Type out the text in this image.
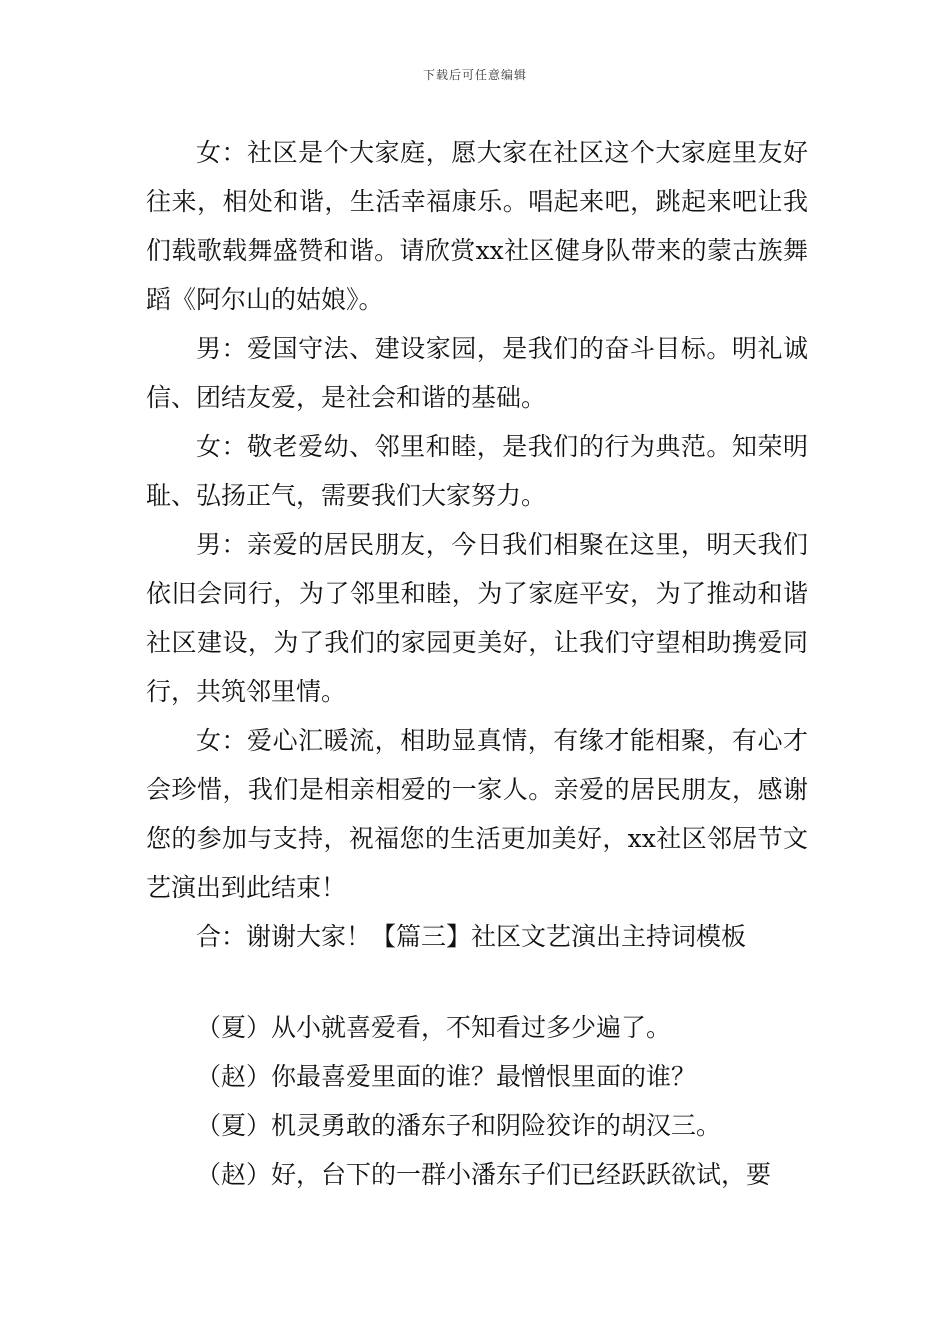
下载后可任意编辑

女：社区是个大家庭，愿大家在社区这个大家庭里友好往来，相处和谐，生活幸福康乐。唱起来吧，跳起来吧让我们载歌载舞盛赞和谐。请欣赏xx社区健身队带来的蒙古族舞蹈《阿尔山的姑娘》。

男：爱国守法、建设家园，是我们的奋斗目标。明礼诚信、团结友爱，是社会和谐的基础。

女：敬老爱幼、邻里和睦，是我们的行为典范。知荣明耻、弘扬正气，需要我们大家努力。

男：亲爱的居民朋友，今日我们相聚在这里，明天我们依旧会同行，为了邻里和睦，为了家庭平安，为了推动和谐社区建设，为了我们的家园更美好，让我们守望相助携爱同行，共筑邻里情。

女：爱心汇暖流，相助显真情，有缘才能相聚，有心才会珍惜，我们是相亲相爱的一家人。亲爱的居民朋友，感谢您的参加与支持，祝福您的生活更加美好，xx社区邻居节文艺演出到此结束！

合：谢谢大家！【篇三】社区文艺演出主持词模板

（夏）从小就喜爱看，不知看过多少遍了。

（赵）你最喜爱里面的谁？最憎恨里面的谁？

（夏）机灵勇敢的潘东子和阴险狡诈的胡汉三。

（赵）好，台下的一群小潘东子们已经跃跃欲试，要
